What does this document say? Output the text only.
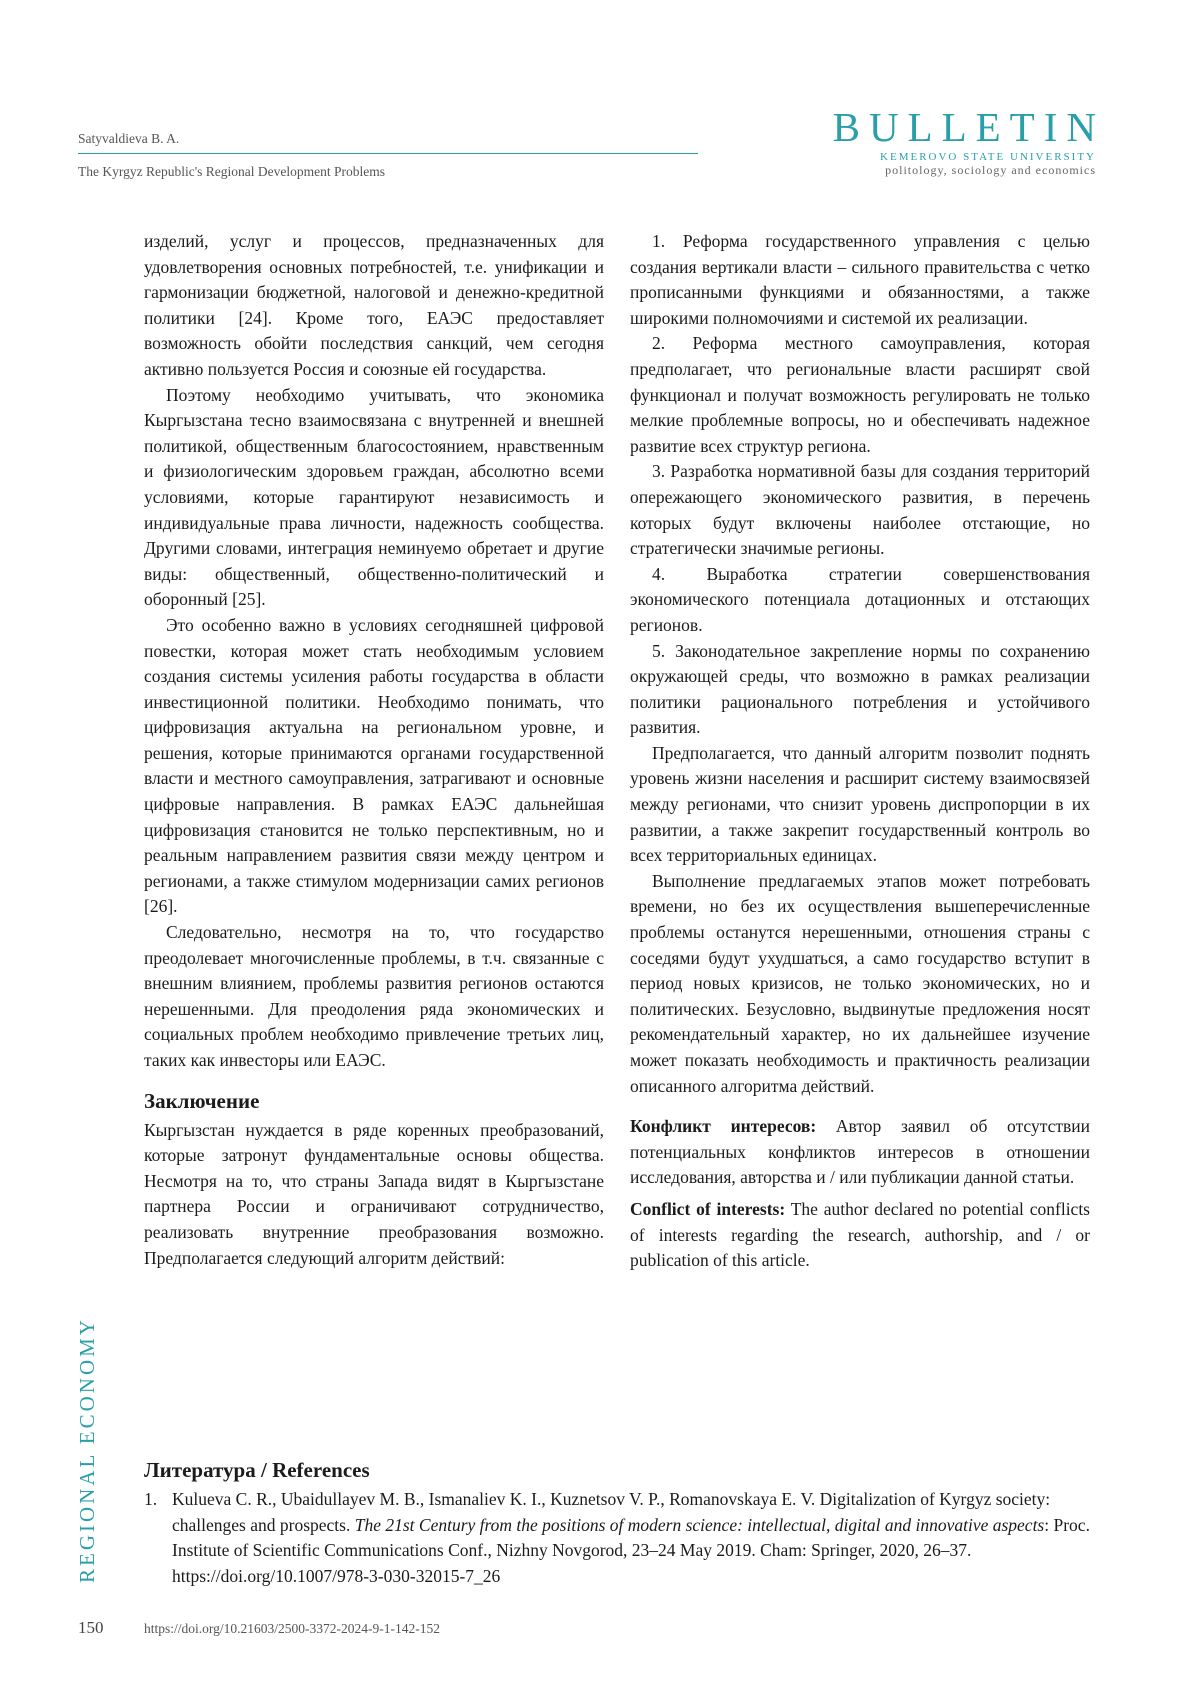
Satyvaldieva B. A.
The Kyrgyz Republic's Regional Development Problems
BULLETIN
KEMEROVO STATE UNIVERSITY
politology, sociology and economics

изделий, услуг и процессов, предназначенных для удовлетворения основных потребностей, т.е. унификации и гармонизации бюджетной, налоговой и денежно-кредитной политики [24]. Кроме того, ЕАЭС предоставляет возможность обойти последствия санкций, чем сегодня активно пользуется Россия и союзные ей государства.

Поэтому необходимо учитывать, что экономика Кыргызстана тесно взаимосвязана с внутренней и внешней политикой, общественным благосостоянием, нравственным и физиологическим здоровьем граждан, абсолютно всеми условиями, которые гарантируют независимость и индивидуальные права личности, надежность сообщества. Другими словами, интеграция неминуемо обретает и другие виды: общественный, общественно-политический и оборонный [25].

Это особенно важно в условиях сегодняшней цифровой повестки, которая может стать необходимым условием создания системы усиления работы государства в области инвестиционной политики. Необходимо понимать, что цифровизация актуальна на региональном уровне, и решения, которые принимаются органами государственной власти и местного самоуправления, затрагивают и основные цифровые направления. В рамках ЕАЭС дальнейшая цифровизация становится не только перспективным, но и реальным направлением развития связи между центром и регионами, а также стимулом модернизации самих регионов [26].

Следовательно, несмотря на то, что государство преодолевает многочисленные проблемы, в т.ч. связанные с внешним влиянием, проблемы развития регионов остаются нерешенными. Для преодоления ряда экономических и социальных проблем необходимо привлечение третьих лиц, таких как инвесторы или ЕАЭС.

Заключение

Кыргызстан нуждается в ряде коренных преобразований, которые затронут фундаментальные основы общества. Несмотря на то, что страны Запада видят в Кыргызстане партнера России и ограничивают сотрудничество, реализовать внутренние преобразования возможно. Предполагается следующий алгоритм действий:

1. Реформа государственного управления с целью создания вертикали власти – сильного правительства с четко прописанными функциями и обязанностями, а также широкими полномочиями и системой их реализации.

2. Реформа местного самоуправления, которая предполагает, что региональные власти расширят свой функционал и получат возможность регулировать не только мелкие проблемные вопросы, но и обеспечивать надежное развитие всех структур региона.

3. Разработка нормативной базы для создания территорий опережающего экономического развития, в перечень которых будут включены наиболее отстающие, но стратегически значимые регионы.

4. Выработка стратегии совершенствования экономического потенциала дотационных и отстающих регионов.

5. Законодательное закрепление нормы по сохранению окружающей среды, что возможно в рамках реализации политики рационального потребления и устойчивого развития.

Предполагается, что данный алгоритм позволит поднять уровень жизни населения и расширит систему взаимосвязей между регионами, что снизит уровень диспропорции в их развитии, а также закрепит государственный контроль во всех территориальных единицах.

Выполнение предлагаемых этапов может потребовать времени, но без их осуществления вышеперечисленные проблемы останутся нерешенными, отношения страны с соседями будут ухудшаться, а само государство вступит в период новых кризисов, не только экономических, но и политических. Безусловно, выдвинутые предложения носят рекомендательный характер, но их дальнейшее изучение может показать необходимость и практичность реализации описанного алгоритма действий.

Конфликт интересов: Автор заявил об отсутствии потенциальных конфликтов интересов в отношении исследования, авторства и / или публикации данной статьи.

Conflict of interests: The author declared no potential conflicts of interests regarding the research, authorship, and / or publication of this article.

REGIONAL ECONOMY Литература / References
1. Kulueva C. R., Ubaidullayev M. B., Ismanaliev K. I., Kuznetsov V. P., Romanovskaya E. V. Digitalization of Kyrgyz society: challenges and prospects. The 21st Century from the positions of modern science: intellectual, digital and innovative aspects: Proc. Institute of Scientific Communications Conf., Nizhny Novgorod, 23–24 May 2019. Cham: Springer, 2020, 26–37. https://doi.org/10.1007/978-3-030-32015-7_26
150	https://doi.org/10.21603/2500-3372-2024-9-1-142-152
